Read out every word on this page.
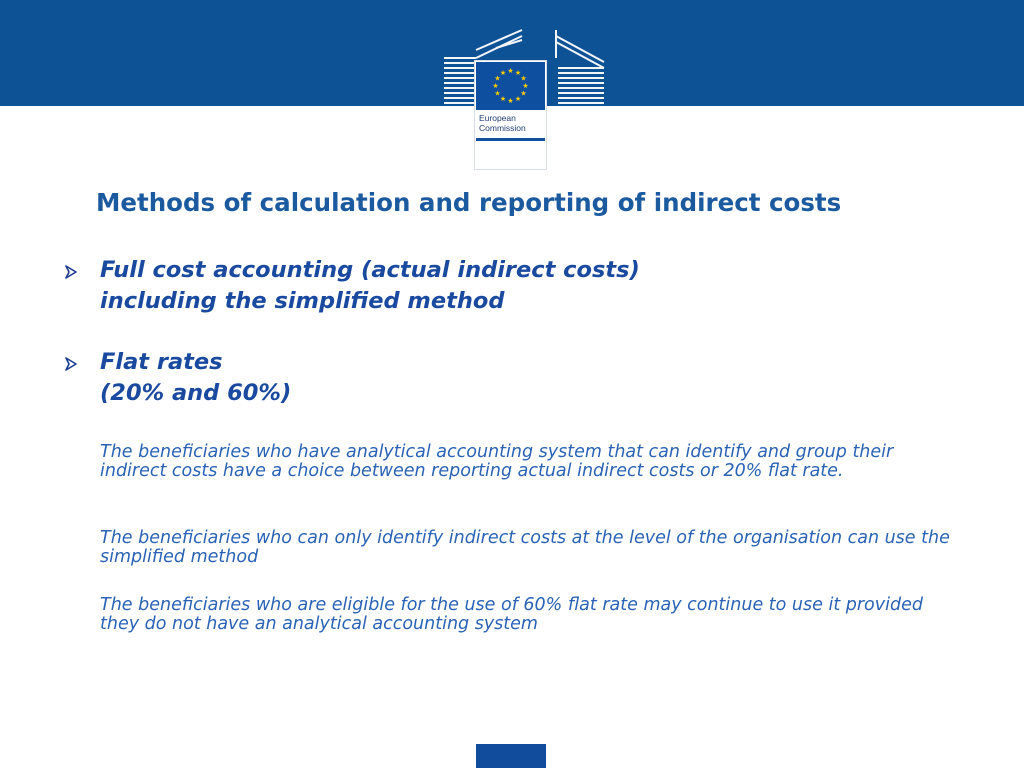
★ ★
★
★
★
★
★
★
★
★
★
★
European
Commission
Methods of calculation and reporting of indirect costs
Full cost accounting (actual indirect costs)
including the simplified method
Flat rates
(20% and 60%)
The beneficiaries who have analytical accounting system that can identify and group their indirect costs have a choice between reporting actual indirect costs or 20% flat rate.
The beneficiaries who can only identify indirect costs at the level of the organisation can use the simplified method
The beneficiaries who are eligible for the use of 60% flat rate may continue to use it provided they do not have an analytical accounting system
